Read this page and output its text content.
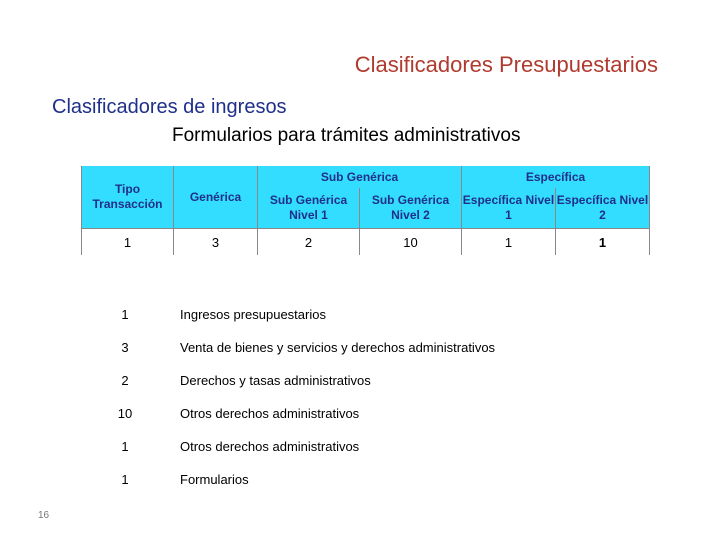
Clasificadores Presupuestarios
Clasificadores de ingresos
Formularios para trámites administrativos
Tipo Transacción	Genérica	Sub Genérica		Específica	
		Sub Genérica Nivel 1	Sub Genérica Nivel 2	Específica Nivel 1	Específica Nivel 2
1	3	2	10	1	1
1	Ingresos presupuestarios
3	Venta de bienes y servicios y derechos administrativos
2	Derechos y tasas administrativos
10	Otros derechos administrativos
1	Otros derechos administrativos
1	Formularios
16
